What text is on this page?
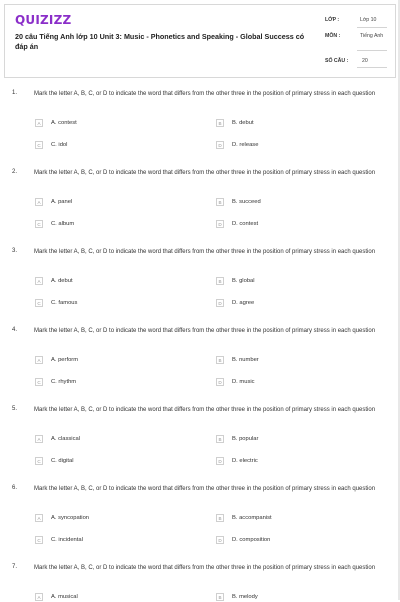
QUIZIZZ
20 câu Tiếng Anh lớp 10 Unit 3: Music - Phonetics and Speaking - Global Success có đáp án
LỚP :	Lớp 10
MÔN :	Tiếng Anh
SỐ CÂU :	20
1.	Mark the letter A, B, C, or D to indicate the word that differs from the other three in the position of primary stress in each question
A	A. contest	B	B. debut
C	C. idol	D	D. release
2.	Mark the letter A, B, C, or D to indicate the word that differs from the other three in the position of primary stress in each question
A	A. panel	B	B. succeed
C	C. album	D	D. contest
3.	Mark the letter A, B, C, or D to indicate the word that differs from the other three in the position of primary stress in each question
A	A. debut	B	B. global
C	C. famous	D	D. agree
4.	Mark the letter A, B, C, or D to indicate the word that differs from the other three in the position of primary stress in each question
A	A. perform	B	B. number
C	C. rhythm	D	D. music
5.	Mark the letter A, B, C, or D to indicate the word that differs from the other three in the position of primary stress in each question
A	A. classical	B	B. popular
C	C. digital	D	D. electric
6.	Mark the letter A, B, C, or D to indicate the word that differs from the other three in the position of primary stress in each question
A	A. syncopation	B	B. accompanist
C	C. incidental	D	D. composition
7.	Mark the letter A, B, C, or D to indicate the word that differs from the other three in the position of primary stress in each question
A	A. musical	B	B. melody
